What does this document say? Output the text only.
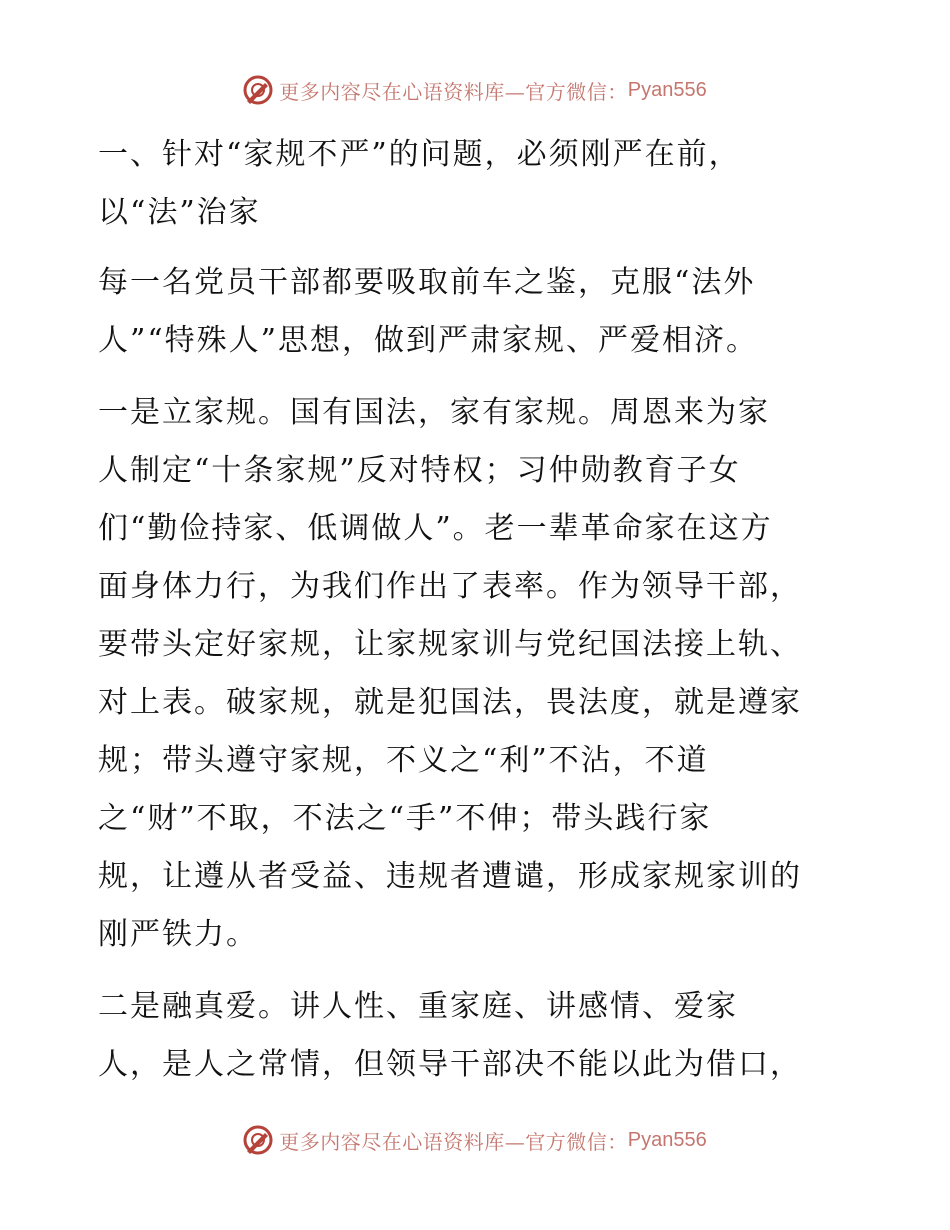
更多内容尽在心语资料库—官方微信： Pyan556

一、针对“家规不严”的问题，必须刚严在前，
以“法”治家

每一名党员干部都要吸取前车之鉴，克服“法外
人”“特殊人”思想，做到严肃家规、严爱相济。

一是立家规。国有国法，家有家规。周恩来为家
人制定“十条家规”反对特权；习仲勋教育子女
们“勤俭持家、低调做人”。老一辈革命家在这方
面身体力行，为我们作出了表率。作为领导干部，
要带头定好家规，让家规家训与党纪国法接上轨、
对上表。破家规，就是犯国法，畏法度，就是遵家
规；带头遵守家规，不义之“利”不沾，不道
之“财”不取，不法之“手”不伸；带头践行家
规，让遵从者受益、违规者遭谴，形成家规家训的
刚严铁力。

二是融真爱。讲人性、重家庭、讲感情、爱家
人，是人之常情，但领导干部决不能以此为借口，

更多内容尽在心语资料库—官方微信： Pyan556
